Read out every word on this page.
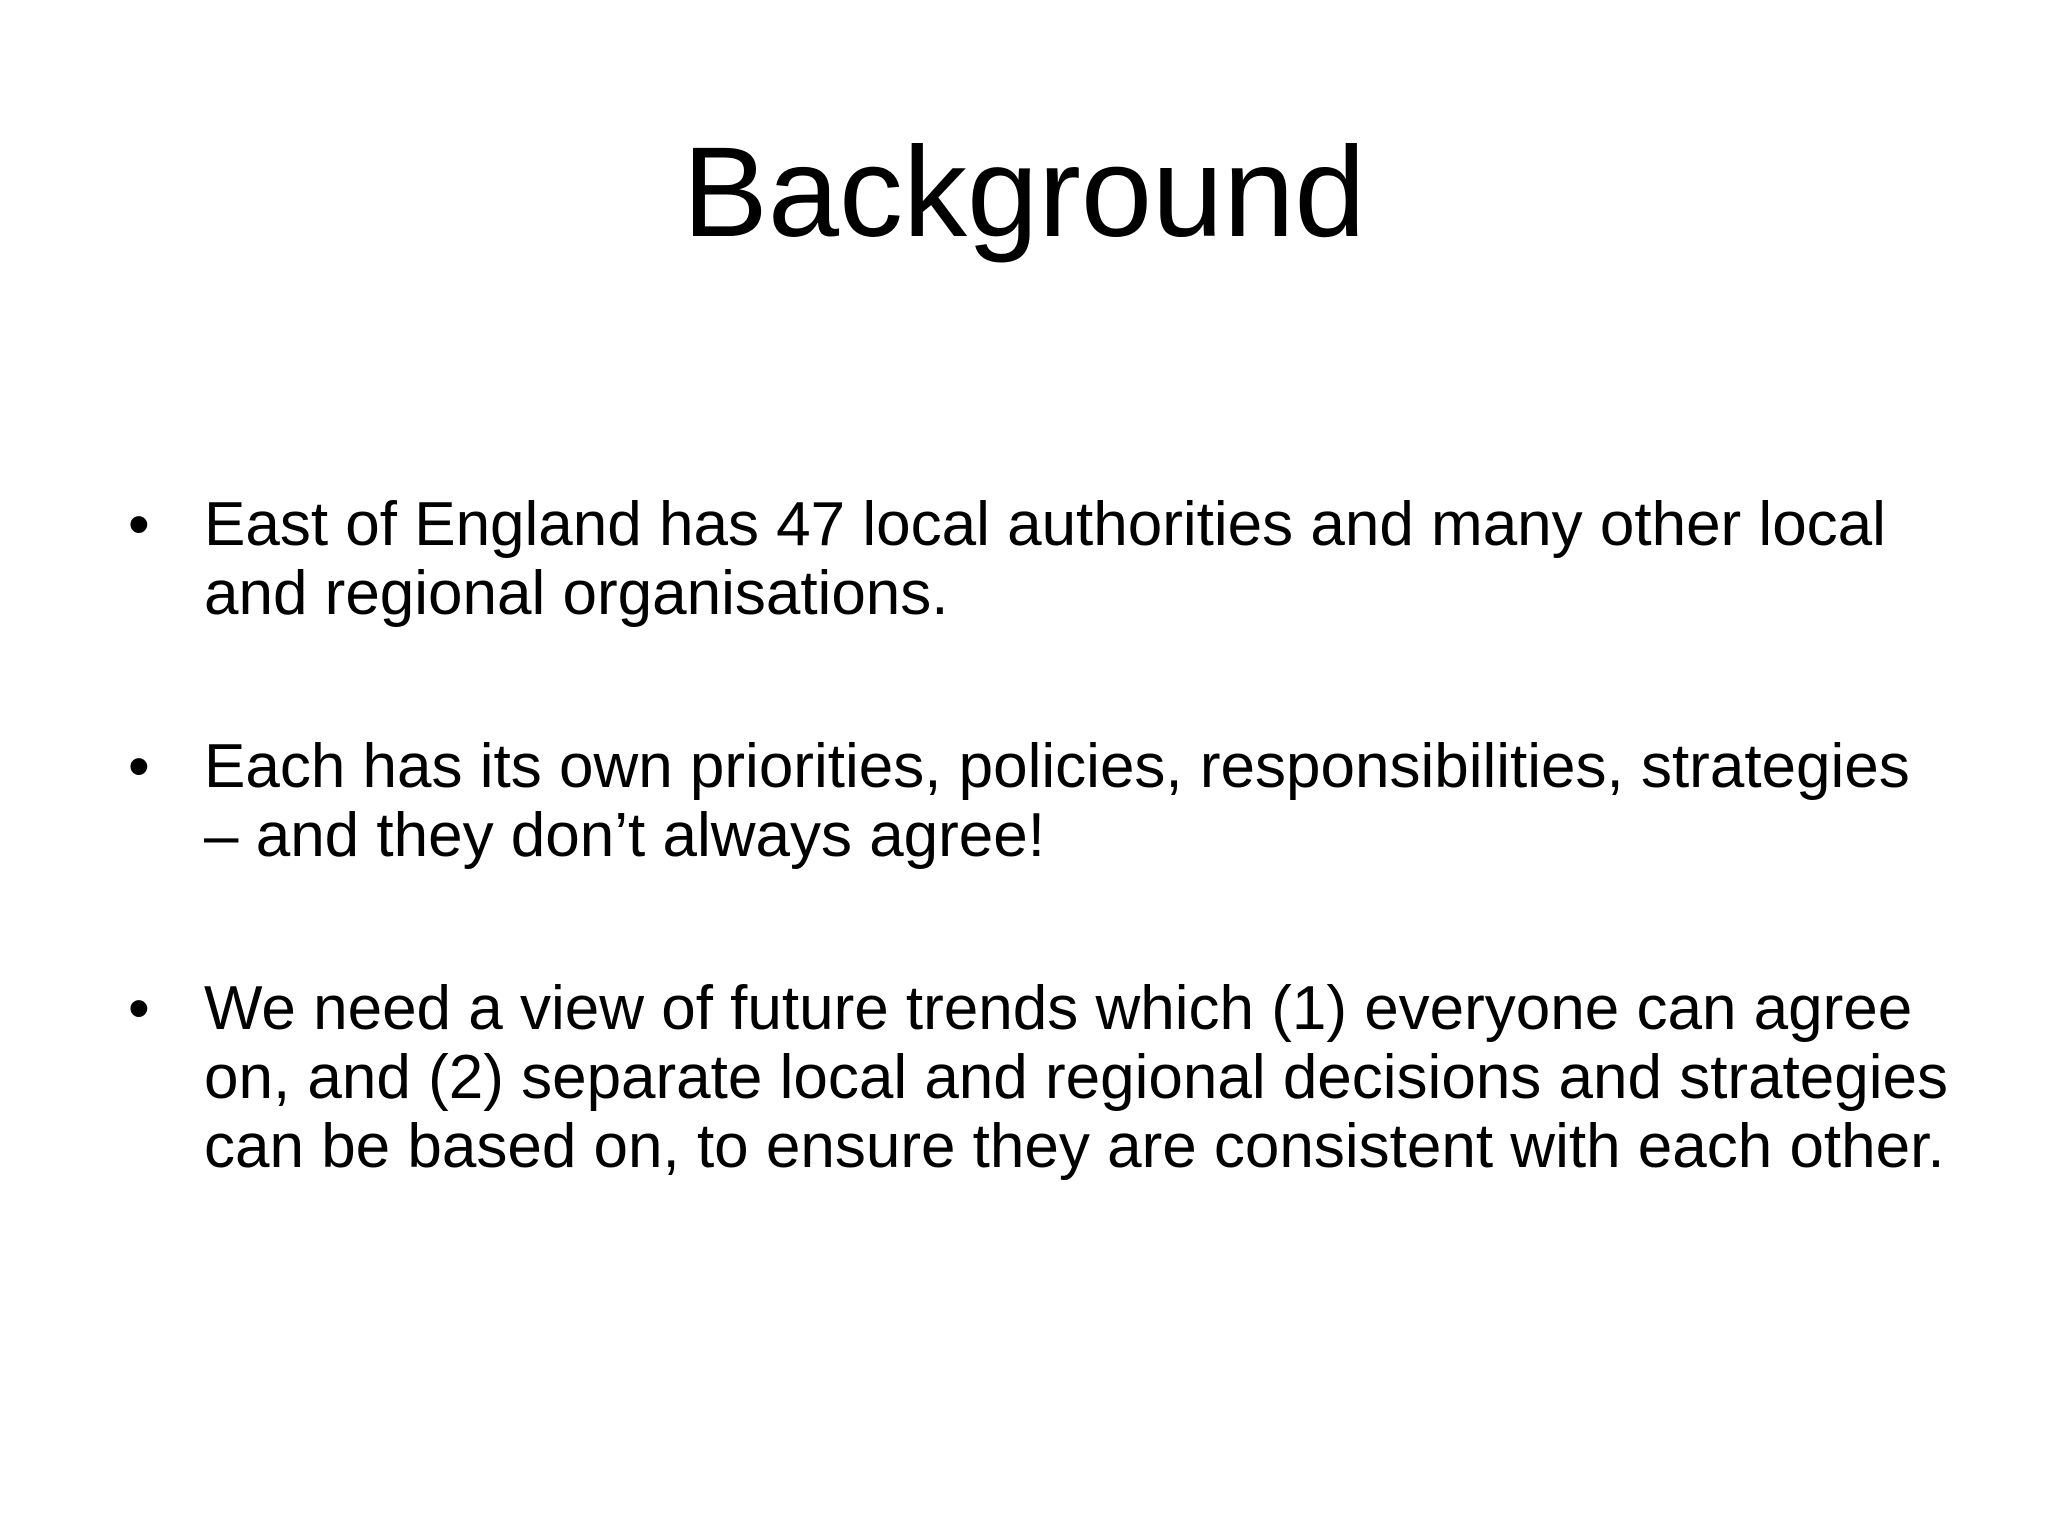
Background
• East of England has 47 local authorities and many other local and regional organisations.
• Each has its own priorities, policies, responsibilities, strategies – and they don’t always agree!
• We need a view of future trends which (1) everyone can agree on, and (2) separate local and regional decisions and strategies can be based on, to ensure they are consistent with each other.
